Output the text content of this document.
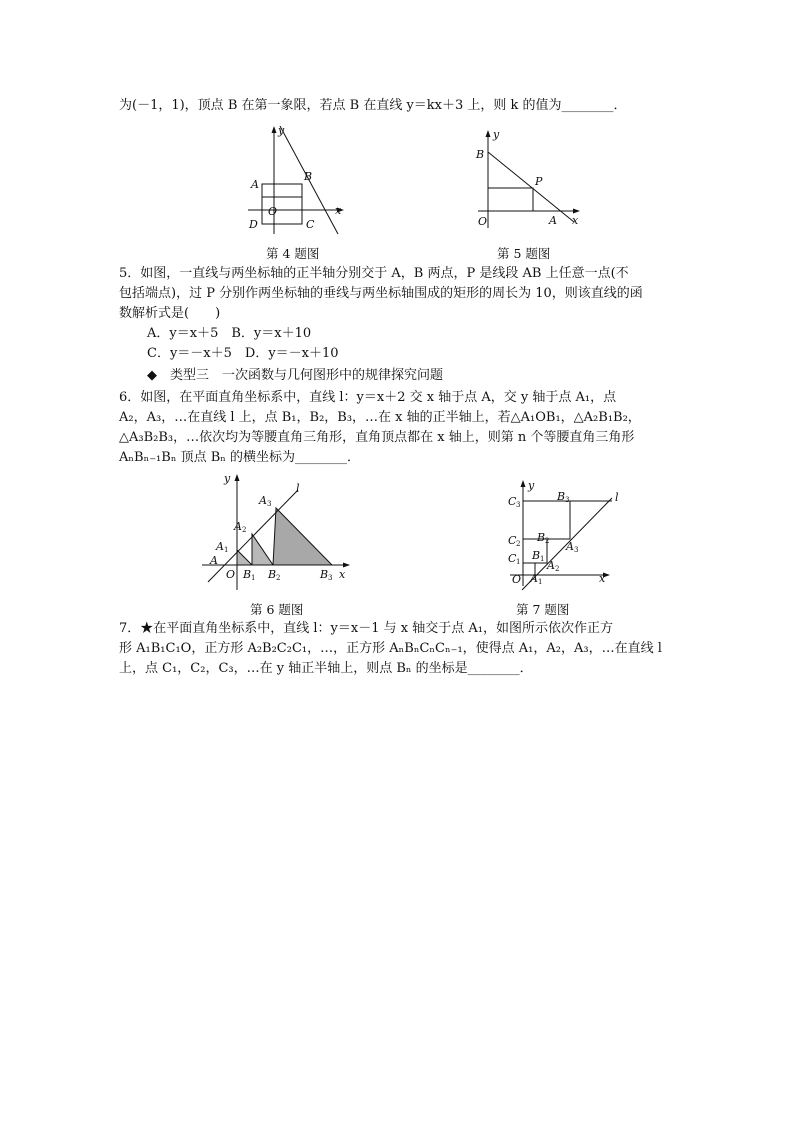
为(－1，1)，顶点 B 在第一象限，若点 B 在直线 y＝kx＋3 上，则 k 的值为________．
y
x
A
B
C
D
O
y
x
B
P
A
O
第 4 题图	第 5 题图
5．如图，一直线与两坐标轴的正半轴分别交于 A，B 两点，P 是线段 AB 上任意一点(不
包括端点)，过 P 分别作两坐标轴的垂线与两坐标轴围成的矩形的周长为 10，则该直线的函
数解析式是(　　)
A．y＝x＋5　B．y＝x＋10
C．y＝－x＋5　D．y＝－x＋10
◆　类型三　一次函数与几何图形中的规律探究问题
6．如图，在平面直角坐标系中，直线 l：y＝x＋2 交 x 轴于点 A，交 y 轴于点 A₁，点
A₂，A₃，…在直线 l 上，点 B₁，B₂，B₃，…在 x 轴的正半轴上，若△A₁OB₁，△A₂B₁B₂，
△A₃B₂B₃，…依次均为等腰直角三角形，直角顶点都在 x 轴上，则第 n 个等腰直角三角形
AₙBₙ₋₁Bₙ 顶点 Bₙ 的横坐标为________．
y
x
l
O
A
A 1
A 2
A 3
B 1 B 2	B 3
y
x
l
O
C 3
C 2
C 1
B 3
B 2
B 1
A 3
A 2
A 1
第 6 题图	第 7 题图
7．★在平面直角坐标系中，直线 l：y＝x－1 与 x 轴交于点 A₁，如图所示依次作正方
形 A₁B₁C₁O，正方形 A₂B₂C₂C₁，…，正方形 AₙBₙCₙCₙ₋₁，使得点 A₁，A₂，A₃，…在直线 l
上，点 C₁，C₂，C₃，…在 y 轴正半轴上，则点 Bₙ 的坐标是________．
